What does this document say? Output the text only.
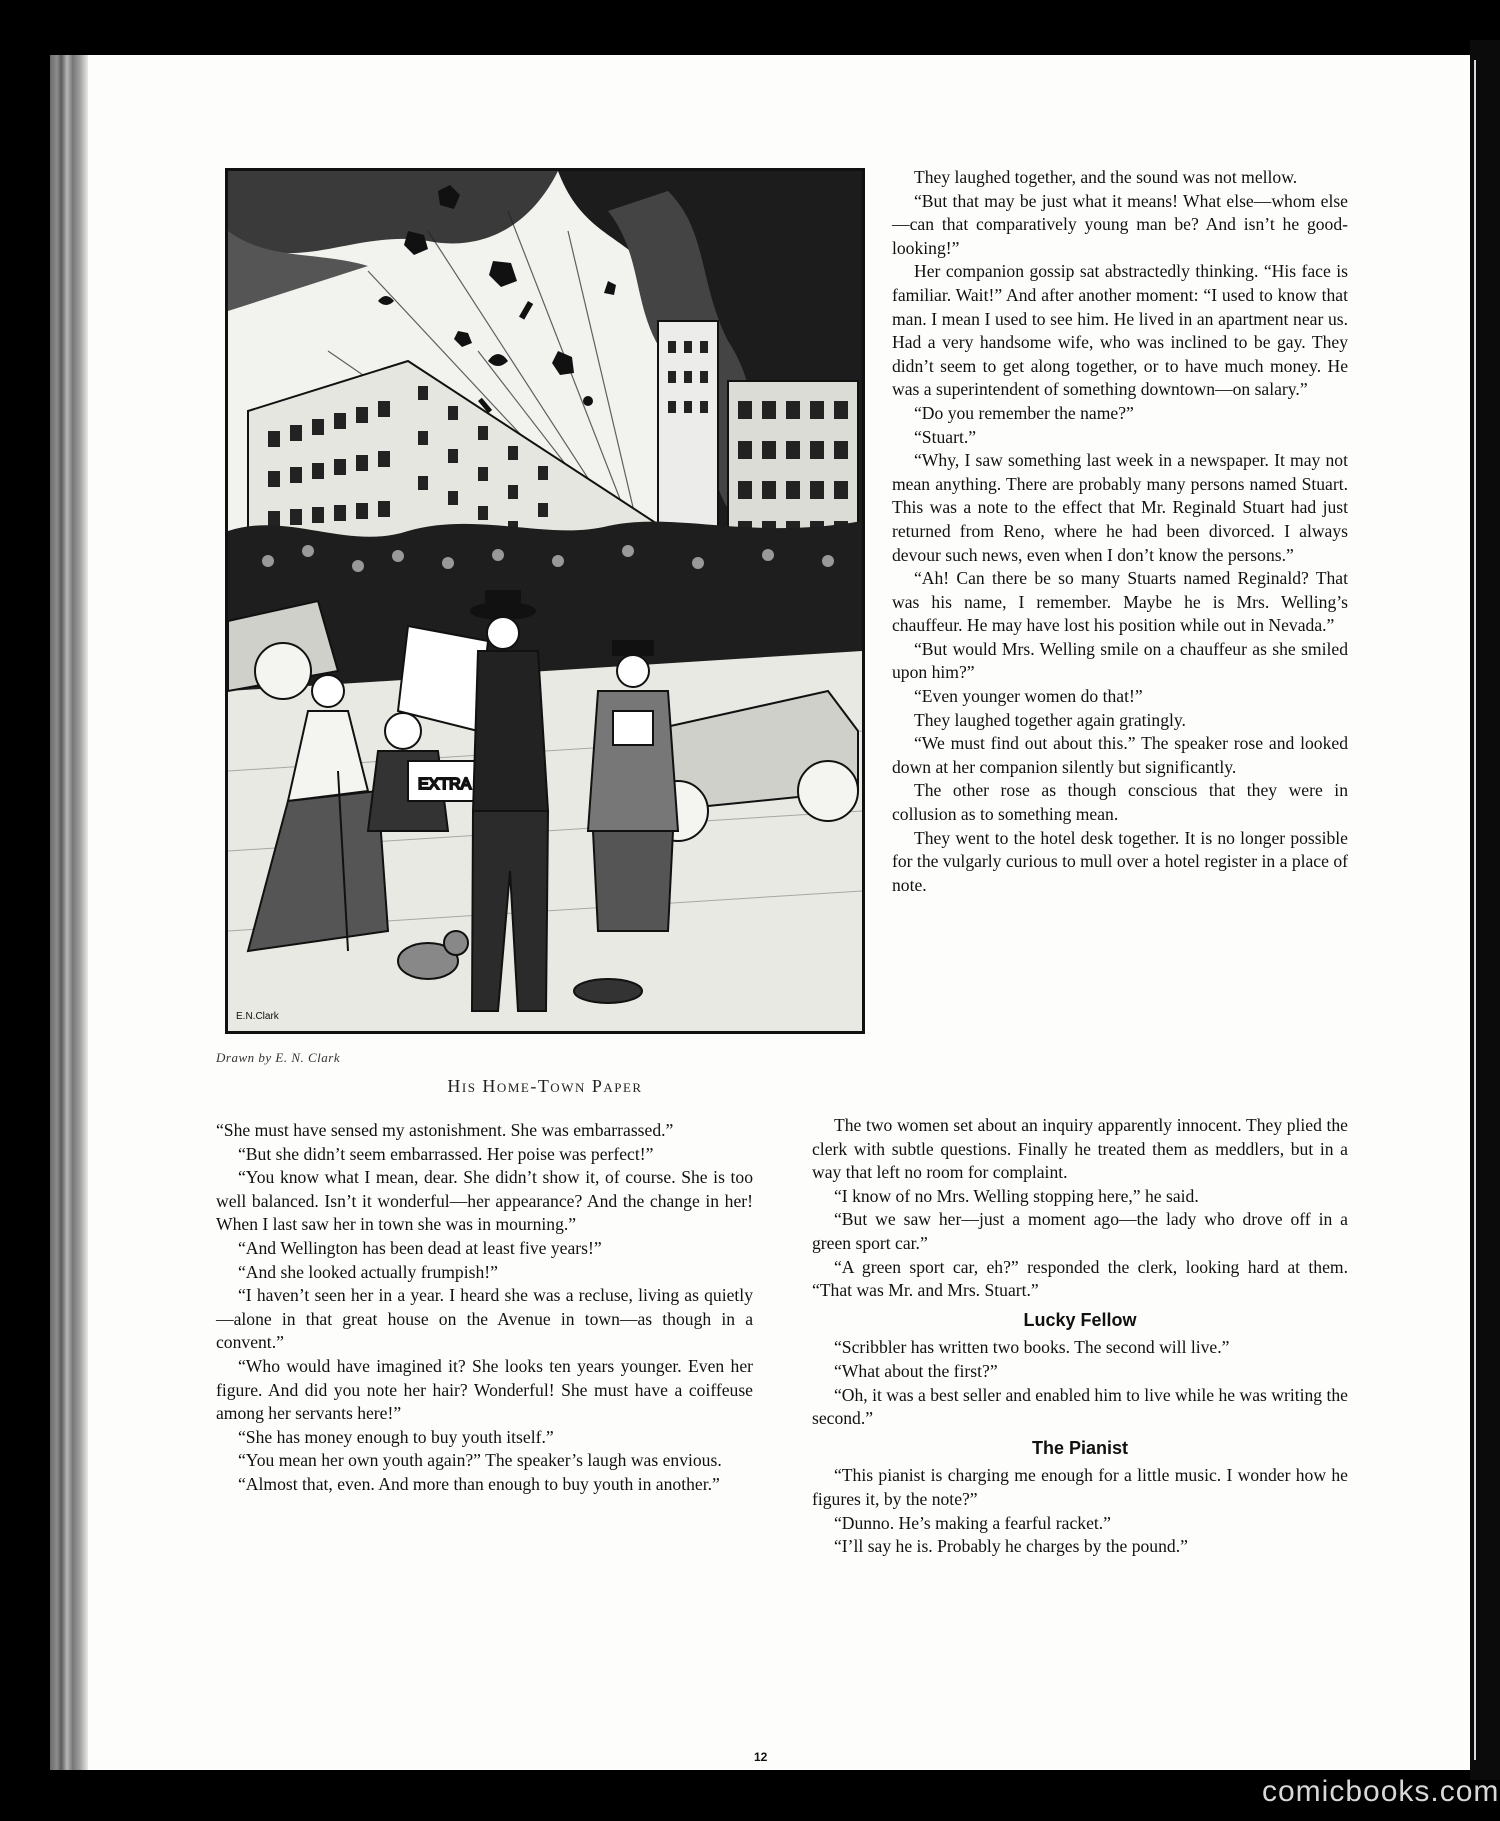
EXTRA
E.N.Clark
Drawn by E. N. Clark
His Home-Town Paper

“She must have sensed my astonishment. She was embarrassed.”

“But she didn’t seem embarrassed. Her poise was perfect!”

“You know what I mean, dear. She didn’t show it, of course. She is too well balanced. Isn’t it wonderful—her appearance? And the change in her! When I last saw her in town she was in mourning.”

“And Wellington has been dead at least five years!”

“And she looked actually frumpish!”

“I haven’t seen her in a year. I heard she was a recluse, living as quietly—alone in that great house on the Avenue in town—as though in a convent.”

“Who would have imagined it? She looks ten years younger. Even her figure. And did you note her hair? Wonderful! She must have a coiffeuse among her servants here!”

“She has money enough to buy youth itself.”

“You mean her own youth again?” The speaker’s laugh was envious.

“Almost that, even. And more than enough to buy youth in another.”

They laughed together, and the sound was not mellow.

“But that may be just what it means! What else—whom else—can that comparatively young man be? And isn’t he good-looking!”

Her companion gossip sat abstractedly thinking. “His face is familiar. Wait!” And after another moment: “I used to know that man. I mean I used to see him. He lived in an apartment near us. Had a very handsome wife, who was inclined to be gay. They didn’t seem to get along together, or to have much money. He was a superintendent of something downtown—on salary.”

“Do you remember the name?”

“Stuart.”

“Why, I saw something last week in a newspaper. It may not mean anything. There are probably many persons named Stuart. This was a note to the effect that Mr. Reginald Stuart had just returned from Reno, where he had been divorced. I always devour such news, even when I don’t know the persons.”

“Ah! Can there be so many Stuarts named Reginald? That was his name, I remember. Maybe he is Mrs. Welling’s chauffeur. He may have lost his position while out in Nevada.”

“But would Mrs. Welling smile on a chauffeur as she smiled upon him?”

“Even younger women do that!”

They laughed together again gratingly.

“We must find out about this.” The speaker rose and looked down at her companion silently but significantly.

The other rose as though conscious that they were in collusion as to something mean.

They went to the hotel desk together. It is no longer possible for the vulgarly curious to mull over a hotel register in a place of note.

The two women set about an inquiry apparently innocent. They plied the clerk with subtle questions. Finally he treated them as meddlers, but in a way that left no room for complaint.

“I know of no Mrs. Welling stopping here,” he said.

“But we saw her—just a moment ago—the lady who drove off in a green sport car.”

“A green sport car, eh?” responded the clerk, looking hard at them. “That was Mr. and Mrs. Stuart.”

Lucky Fellow

“Scribbler has written two books. The second will live.”

“What about the first?”

“Oh, it was a best seller and enabled him to live while he was writing the second.”

The Pianist

“This pianist is charging me enough for a little music. I wonder how he figures it, by the note?”

“Dunno. He’s making a fearful racket.”

“I’ll say he is. Probably he charges by the pound.”

12
comicbooks.com
